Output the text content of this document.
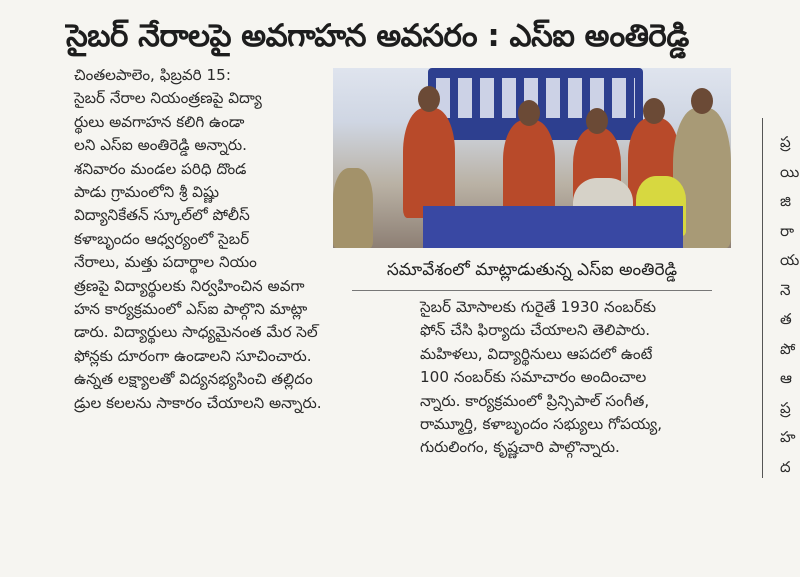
సైబర్ నేరాలపై అవగాహన అవసరం : ఎస్ఐ అంతిరెడ్డి

చింతలపాలెం, ఫిబ్రవరి 15:

సైబర్ నేరాల నియంత్రణపై విద్యా

ర్థులు అవగాహన కలిగి ఉండా

లని ఎస్ఐ అంతిరెడ్డి అన్నారు.

శనివారం మండల పరిధి దొండ

పాడు గ్రామంలోని శ్రీ విష్ణు

విద్యానికేతన్ స్కూల్‌లో పోలీస్

కళాబృందం ఆధ్వర్యంలో సైబర్

నేరాలు, మత్తు పదార్థాల నియం

త్రణపై విద్యార్థులకు నిర్వహించిన అవగా

హన కార్యక్రమంలో ఎస్ఐ పాల్గొని మాట్లా

డారు. విద్యార్థులు సాధ్యమైనంత మేర సెల్

ఫోన్లకు దూరంగా ఉండాలని సూచించారు.

ఉన్నత లక్ష్యాలతో విద్యనభ్యసించి తల్లిదం

డ్రుల కలలను సాకారం చేయాలని అన్నారు.

సమావేశంలో మాట్లాడుతున్న ఎస్ఐ అంతిరెడ్డి

సైబర్ మోసాలకు గురైతే 1930 నంబర్‌కు

ఫోన్ చేసి ఫిర్యాదు చేయాలని తెలిపారు.

మహిళలు, విద్యార్థినులు ఆపదలో ఉంటే

100 నంబర్‌కు సమాచారం అందించాల

న్నారు. కార్యక్రమంలో ప్రిన్సిపాల్ సంగీత,

రామ్మూర్తి, కళాబృందం సభ్యులు గోపయ్య,

గురులింగం, కృష్ణచారి పాల్గొన్నారు.

ప్ర
యి
జి
రా
య
నె
త
పో
ఆ
ప్ర
హ
ద
